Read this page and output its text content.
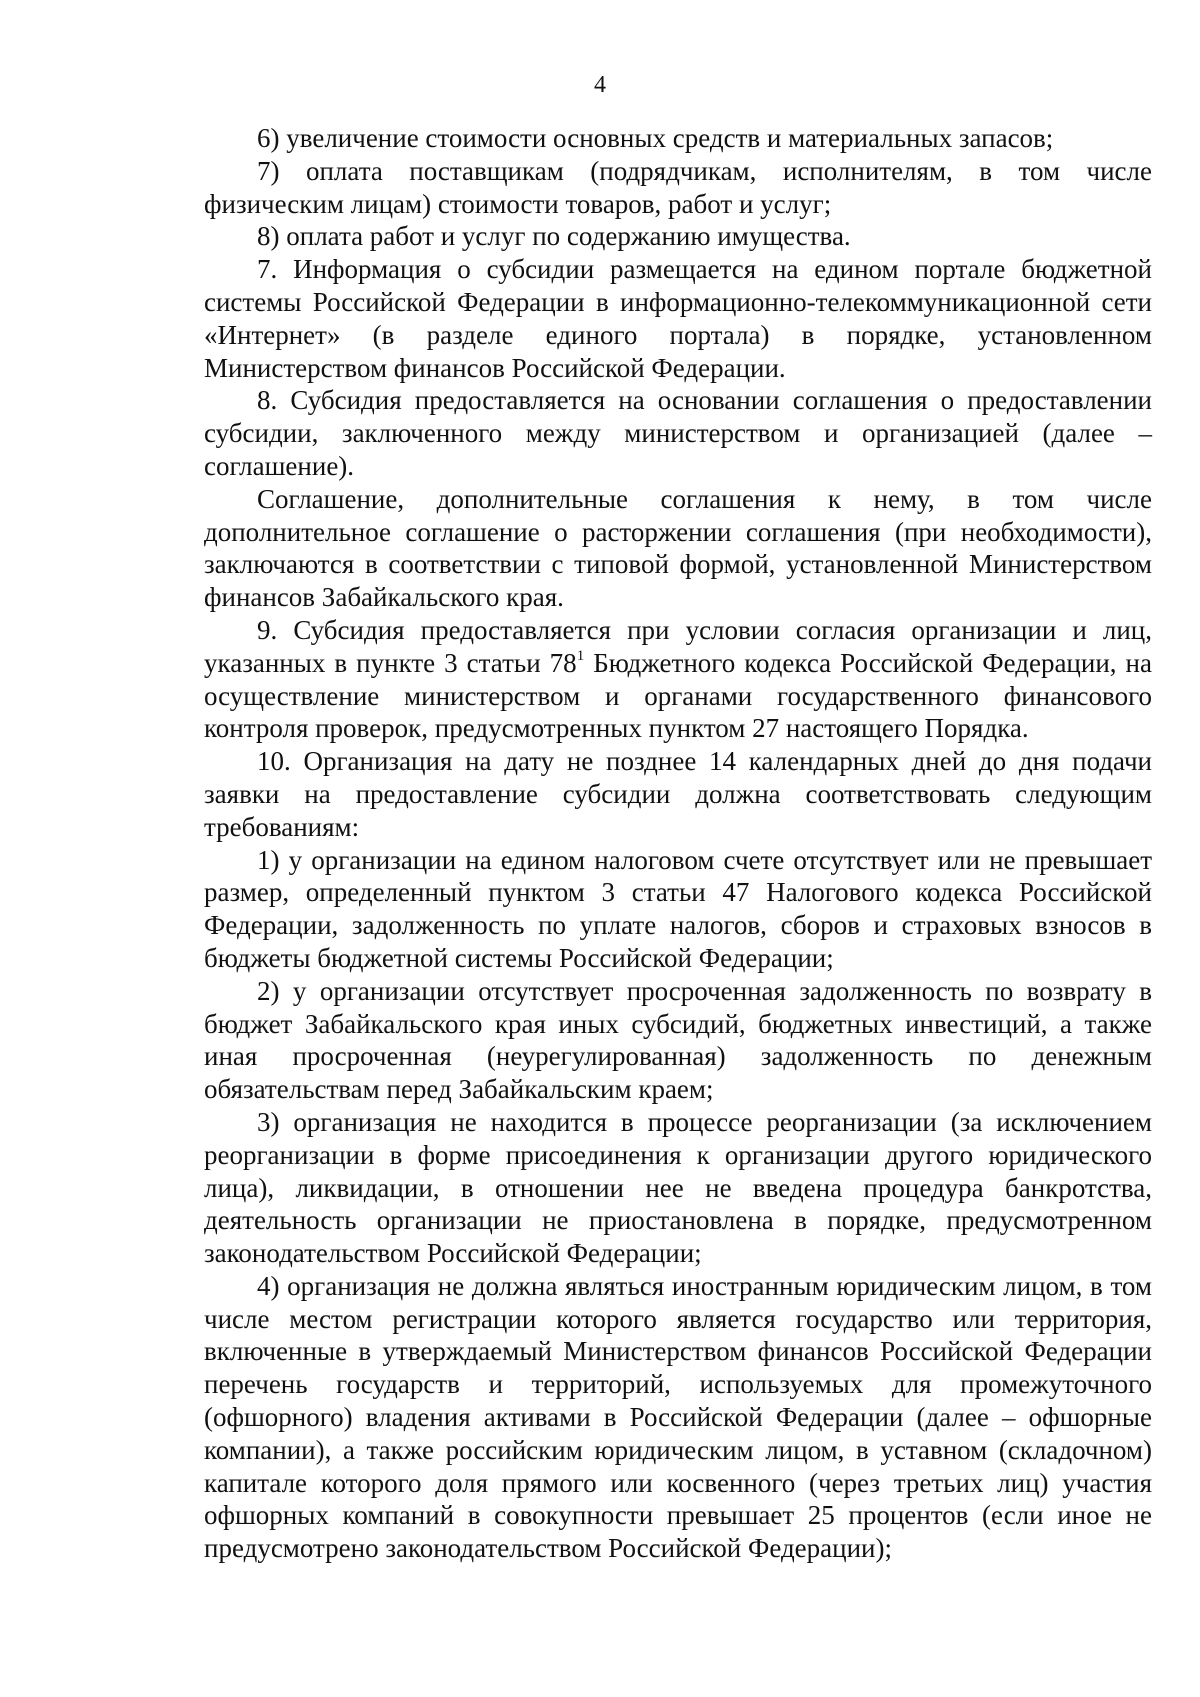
4

6) увеличение стоимости основных средств и материальных запасов;

7) оплата поставщикам (подрядчикам, исполнителям, в том числе физическим лицам) стоимости товаров, работ и услуг;

8) оплата работ и услуг по содержанию имущества.

7. Информация о субсидии размещается на едином портале бюджетной системы Российской Федерации в информационно-телекоммуникационной сети «Интернет» (в разделе единого портала) в порядке, установленном Министерством финансов Российской Федерации.

8. Субсидия предоставляется на основании соглашения о предоставлении субсидии, заключенного между министерством и организацией (далее – соглашение).

Соглашение, дополнительные соглашения к нему, в том числе дополнительное соглашение о расторжении соглашения (при необходимости), заключаются в соответствии с типовой формой, установленной Министерством финансов Забайкальского края.

9. Субсидия предоставляется при условии согласия организации и лиц, указанных в пункте 3 статьи $78^1$ Бюджетного кодекса Российской Федерации, на осуществление министерством и органами государственного финансового контроля проверок, предусмотренных пунктом 27 настоящего Порядка.

10. Организация на дату не позднее 14 календарных дней до дня подачи заявки на предоставление субсидии должна соответствовать следующим требованиям:

1) у организации на едином налоговом счете отсутствует или не превышает размер, определенный пунктом 3 статьи 47 Налогового кодекса Российской Федерации, задолженность по уплате налогов, сборов и страховых взносов в бюджеты бюджетной системы Российской Федерации;

2) у организации отсутствует просроченная задолженность по возврату в бюджет Забайкальского края иных субсидий, бюджетных инвестиций, а также иная просроченная (неурегулированная) задолженность по денежным обязательствам перед Забайкальским краем;

3) организация не находится в процессе реорганизации (за исключением реорганизации в форме присоединения к организации другого юридического лица), ликвидации, в отношении нее не введена процедура банкротства, деятельность организации не приостановлена в порядке, предусмотренном законодательством Российской Федерации;

4) организация не должна являться иностранным юридическим лицом, в том числе местом регистрации которого является государство или территория, включенные в утверждаемый Министерством финансов Российской Федерации перечень государств и территорий, используемых для промежуточного (офшорного) владения активами в Российской Федерации (далее – офшорные компании), а также российским юридическим лицом, в уставном (складочном) капитале которого доля прямого или косвенного (через третьих лиц) участия офшорных компаний в совокупности превышает 25 процентов (если иное не предусмотрено законодательством Российской Федерации);
